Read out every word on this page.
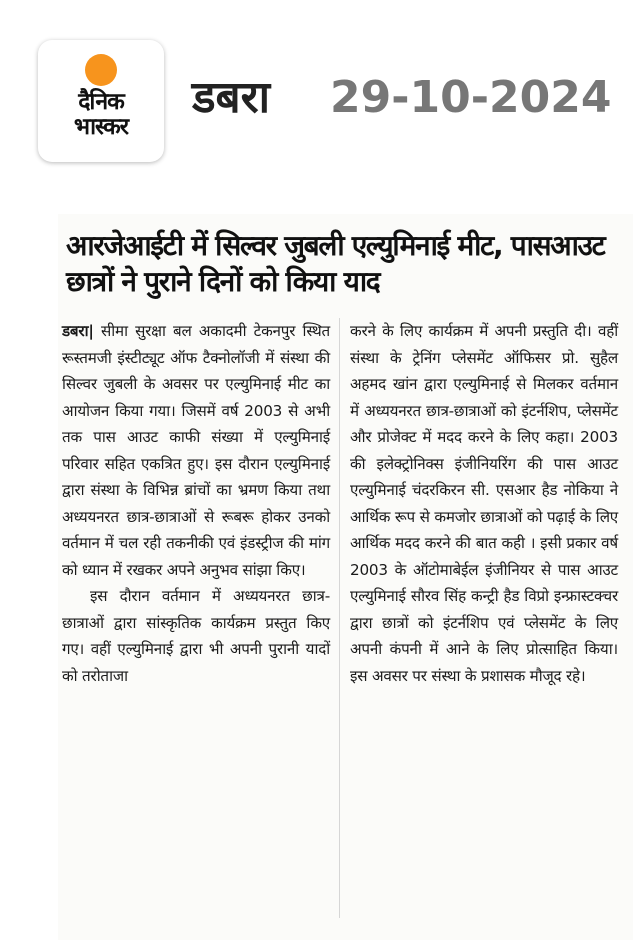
दैनिक
भास्कर

डबरा 29-10-2024
आरजेआईटी में सिल्वर जुबली एल्युमिनाई मीट, पासआउट छात्रों ने पुराने दिनों को किया याद

डबरा| सीमा सुरक्षा बल अकादमी टेकनपुर स्थित रूस्तमजी इंस्टीट्यूट ऑफ टैक्नोलॉजी में संस्था की सिल्वर जुबली के अवसर पर एल्युमिनाई मीट का आयोजन किया गया। जिसमें वर्ष 2003 से अभी तक पास आउट काफी संख्या में एल्युमिनाई परिवार सहित एकत्रित हुए। इस दौरान एल्युमिनाई द्वारा संस्था के विभिन्न ब्रांचों का भ्रमण किया तथा अध्ययनरत छात्र-छात्राओं से रूबरू होकर उनको वर्तमान में चल रही तकनीकी एवं इंडस्ट्रीज की मांग को ध्यान में रखकर अपने अनुभव सांझा किए।

इस दौरान वर्तमान में अध्ययनरत छात्र-छात्राओं द्वारा सांस्कृतिक कार्यक्रम प्रस्तुत किए गए। वहीं एल्युमिनाई द्वारा भी अपनी पुरानी यादों को तरोताजा

करने के लिए कार्यक्रम में अपनी प्रस्तुति दी। वहीं संस्था के ट्रेनिंग प्लेसमेंट ऑफिसर प्रो. सुहैल अहमद खांन द्वारा एल्युमिनाई से मिलकर वर्तमान में अध्ययनरत छात्र-छात्राओं को इंटर्नशिप, प्लेसमेंट और प्रोजेक्ट में मदद करने के लिए कहा। 2003 की इलेक्ट्रोनिक्स इंजीनियरिंग की पास आउट एल्युमिनाई चंदरकिरन सी. एसआर हैड नोकिया ने आर्थिक रूप से कमजोर छात्राओं को पढ़ाई के लिए आर्थिक मदद करने की बात कही । इसी प्रकार वर्ष 2003 के ऑटोमाबेईल इंजीनियर से पास आउट एल्युमिनाई सौरव सिंह कन्ट्री हैड विप्रो इन्फ्रास्टक्चर द्वारा छात्रों को इंटर्नशिप एवं प्लेसमेंट के लिए अपनी कंपनी में आने के लिए प्रोत्साहित किया। इस अवसर पर संस्था के प्रशासक मौजूद रहे।
